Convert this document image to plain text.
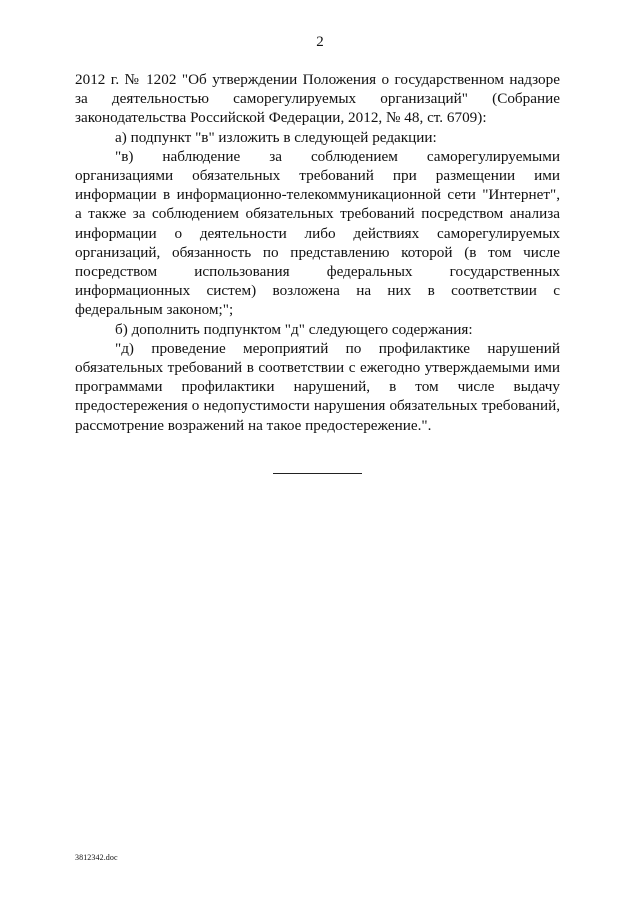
2

2012 г. № 1202 "Об утверждении Положения о государственном надзоре за деятельностью саморегулируемых организаций" (Собрание законодательства Российской Федерации, 2012, № 48, ст. 6709):

а) подпункт "в" изложить в следующей редакции:

"в) наблюдение за соблюдением саморегулируемыми организациями обязательных требований при размещении ими информации в информационно-телекоммуникационной сети "Интернет", а также за соблюдением обязательных требований посредством анализа информации о деятельности либо действиях саморегулируемых организаций, обязанность по представлению которой (в том числе посредством использования федеральных государственных информационных систем) возложена на них в соответствии с федеральным законом;";

б) дополнить подпунктом "д" следующего содержания:

"д) проведение мероприятий по профилактике нарушений обязательных требований в соответствии с ежегодно утверждаемыми ими программами профилактики нарушений, в том числе выдачу предостережения о недопустимости нарушения обязательных требований, рассмотрение возражений на такое предостережение.".

3812342.doc
